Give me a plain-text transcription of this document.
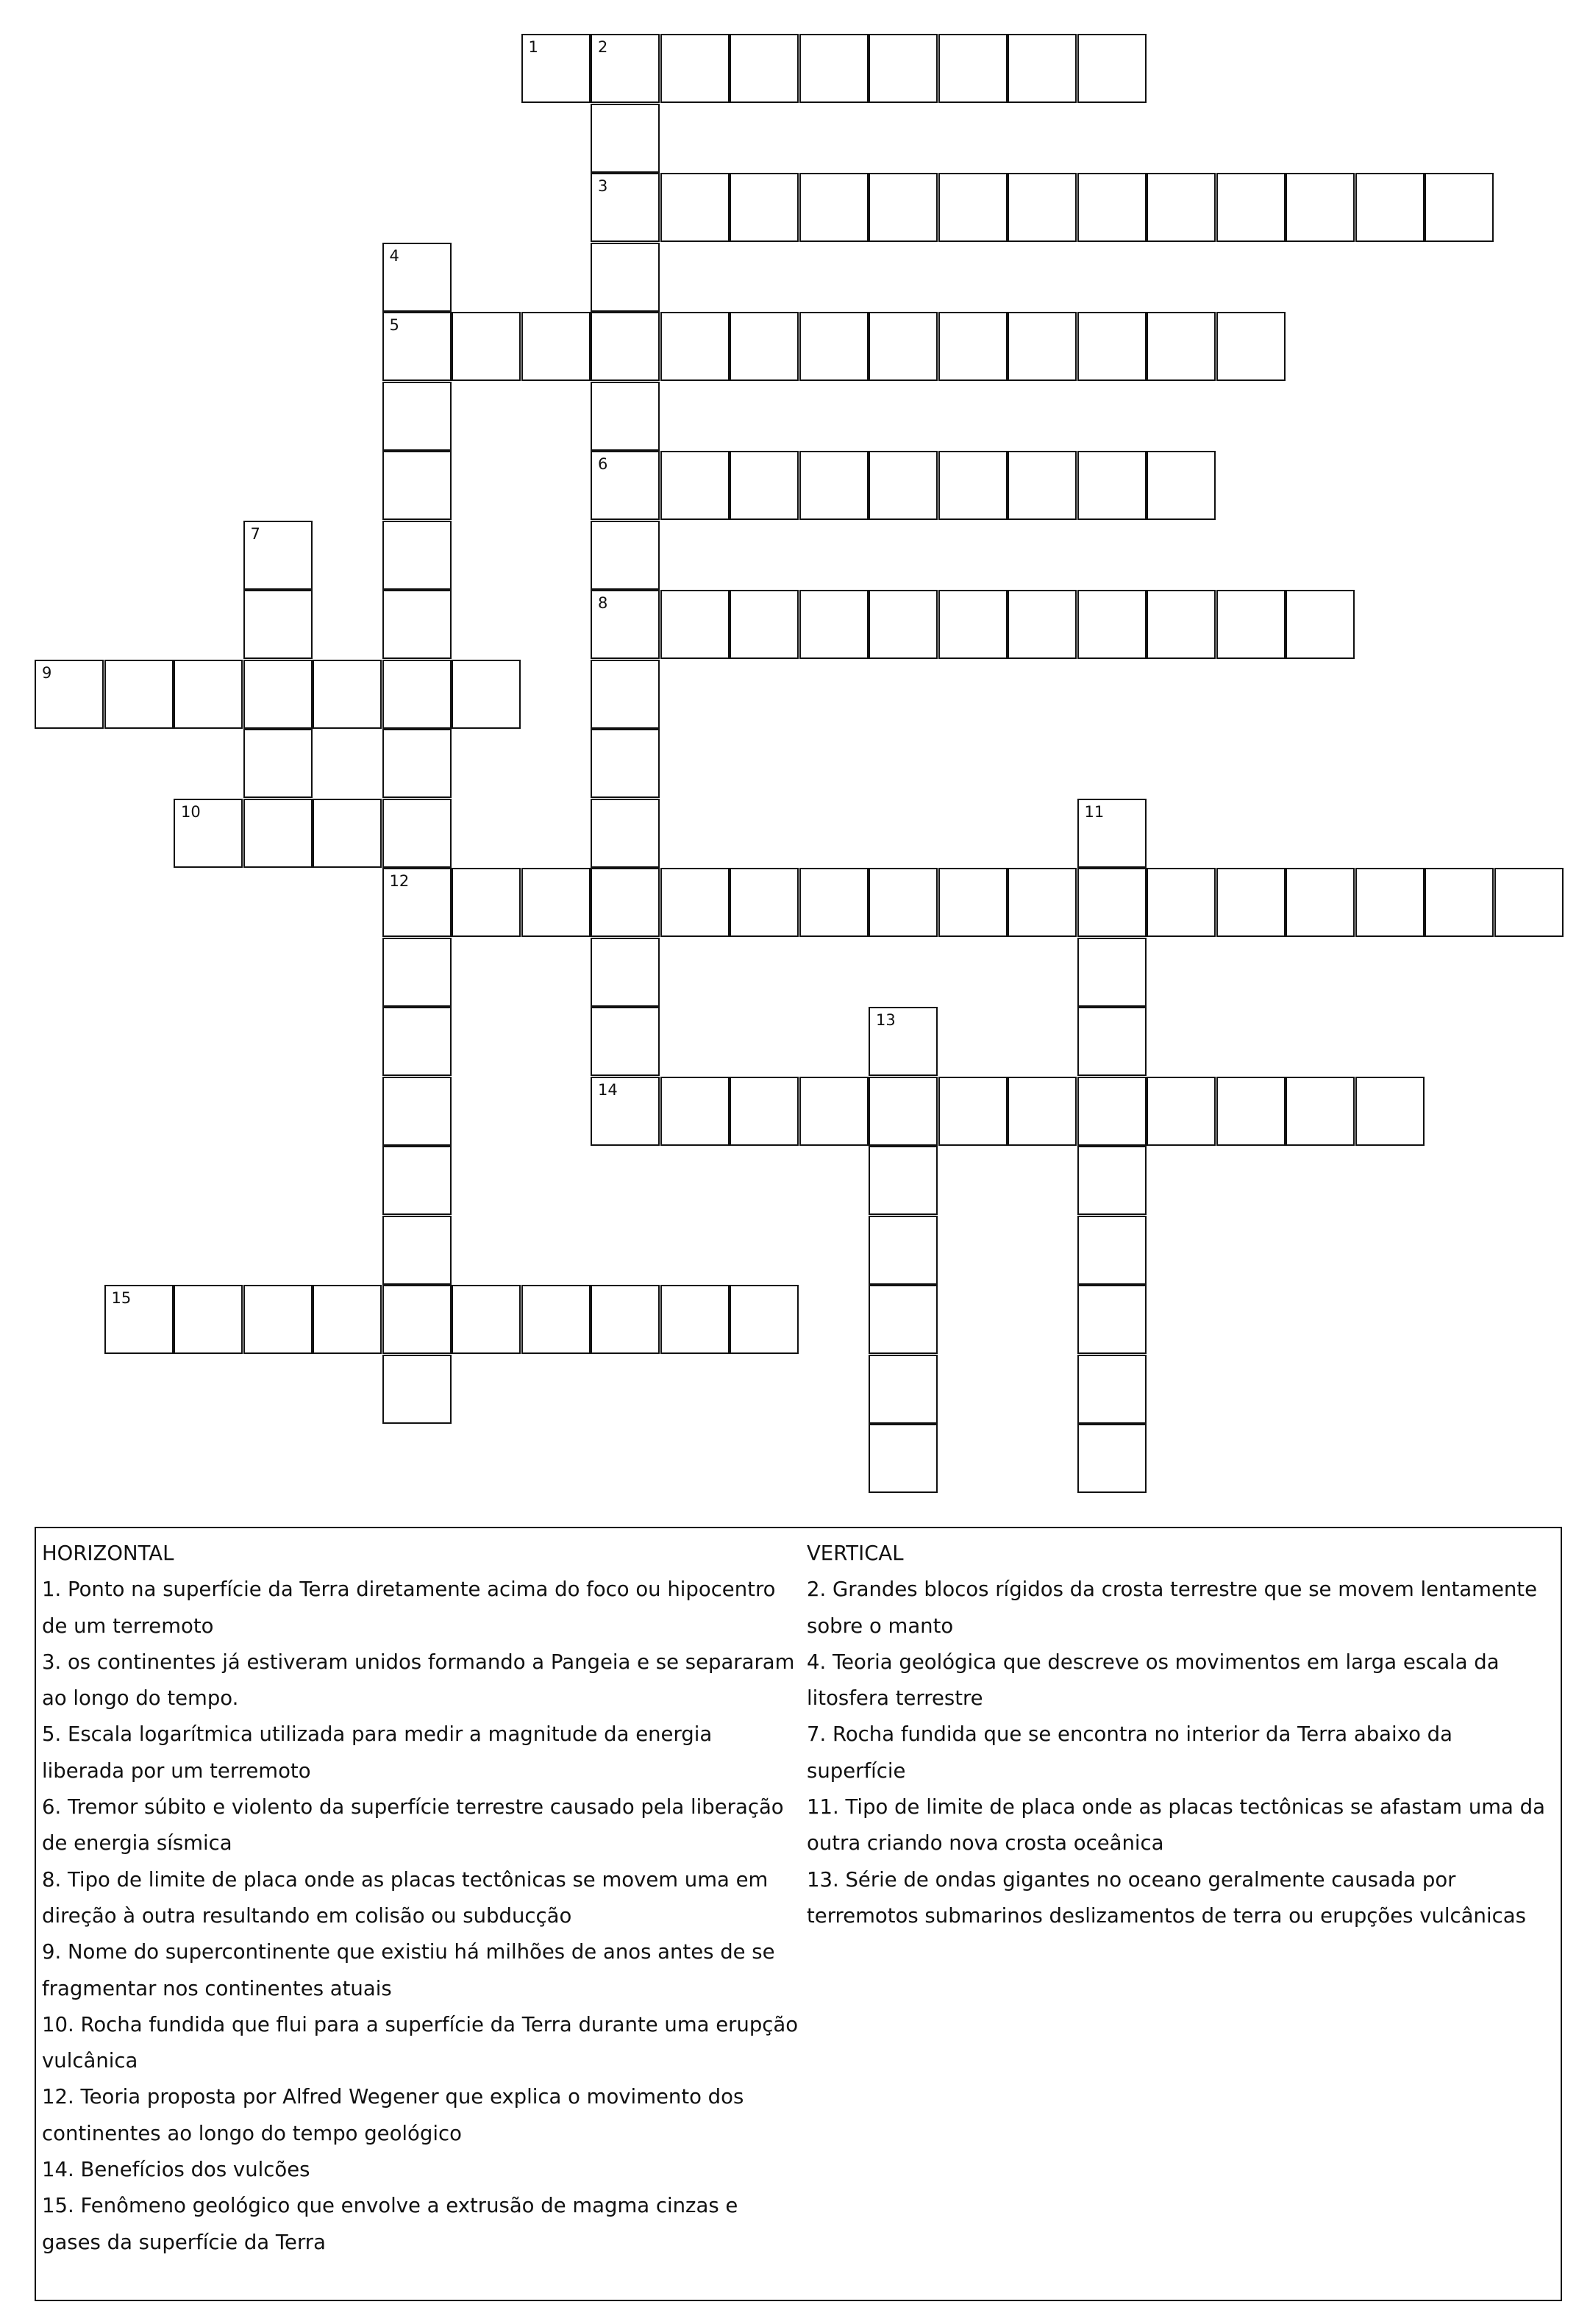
1	2
3
5
6
8
9
10
12
14
15
4
7
11
13

HORIZONTAL

1. Ponto na superfície da Terra diretamente acima do foco ou hipocentro de um terremoto

3. os continentes já estiveram unidos formando a Pangeia e se separaram ao longo do tempo.

5. Escala logarítmica utilizada para medir a magnitude da energia liberada por um terremoto

6. Tremor súbito e violento da superfície terrestre causado pela liberação de energia sísmica

8. Tipo de limite de placa onde as placas tectônicas se movem uma em direção à outra resultando em colisão ou subducção

9. Nome do supercontinente que existiu há milhões de anos antes de se fragmentar nos continentes atuais

10. Rocha fundida que flui para a superfície da Terra durante uma erupção vulcânica

12. Teoria proposta por Alfred Wegener que explica o movimento dos continentes ao longo do tempo geológico

14. Benefícios dos vulcões

15. Fenômeno geológico que envolve a extrusão de magma cinzas e gases da superfície da Terra

VERTICAL

2. Grandes blocos rígidos da crosta terrestre que se movem lentamente sobre o manto

4. Teoria geológica que descreve os movimentos em larga escala da litosfera terrestre

7. Rocha fundida que se encontra no interior da Terra abaixo da superfície

11. Tipo de limite de placa onde as placas tectônicas se afastam uma da outra criando nova crosta oceânica

13. Série de ondas gigantes no oceano geralmente causada por terremotos submarinos deslizamentos de terra ou erupções vulcânicas
